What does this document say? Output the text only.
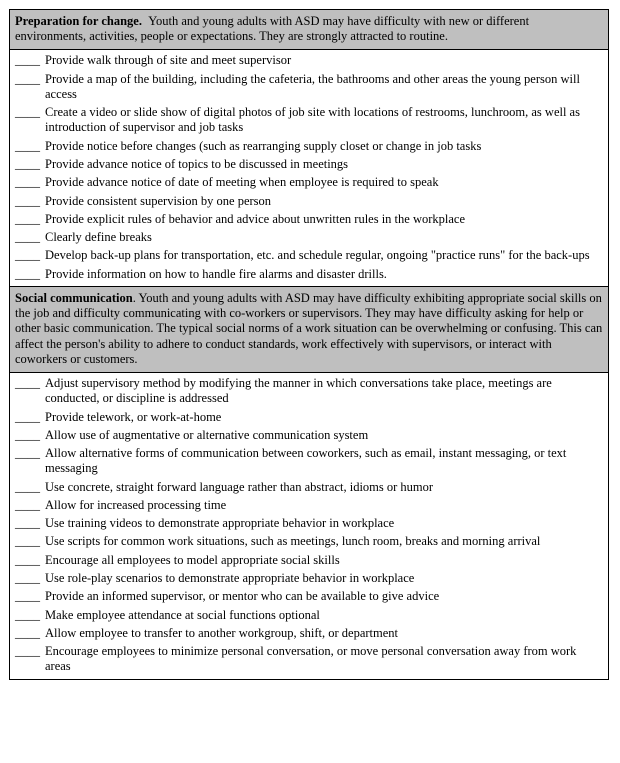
Preparation for change. Youth and young adults with ASD may have difficulty with new or different environments, activities, people or expectations. They are strongly attracted to routine.
____ Provide walk through of site and meet supervisor
____ Provide a map of the building, including the cafeteria, the bathrooms and other areas the young person will access
____ Create a video or slide show of digital photos of job site with locations of restrooms, lunchroom, as well as introduction of supervisor and job tasks
____ Provide notice before changes (such as rearranging supply closet or change in job tasks
____ Provide advance notice of topics to be discussed in meetings
____ Provide advance notice of date of meeting when employee is required to speak
____ Provide consistent supervision by one person
____ Provide explicit rules of behavior and advice about unwritten rules in the workplace
____ Clearly define breaks
____ Develop back-up plans for transportation, etc. and schedule regular, ongoing "practice runs" for the back-ups
____ Provide information on how to handle fire alarms and disaster drills.
Social communication. Youth and young adults with ASD may have difficulty exhibiting appropriate social skills on the job and difficulty communicating with co-workers or supervisors. They may have difficulty asking for help or other basic communication. The typical social norms of a work situation can be overwhelming or confusing. This can affect the person's ability to adhere to conduct standards, work effectively with supervisors, or interact with coworkers or customers.
____ Adjust supervisory method by modifying the manner in which conversations take place, meetings are conducted, or discipline is addressed
____ Provide telework, or work-at-home
____ Allow use of augmentative or alternative communication system
____ Allow alternative forms of communication between coworkers, such as email, instant messaging, or text messaging
____ Use concrete, straight forward language rather than abstract, idioms or humor
____ Allow for increased processing time
____ Use training videos to demonstrate appropriate behavior in workplace
____ Use scripts for common work situations, such as meetings, lunch room, breaks and morning arrival
____ Encourage all employees to model appropriate social skills
____ Use role-play scenarios to demonstrate appropriate behavior in workplace
____ Provide an informed supervisor, or mentor who can be available to give advice
____ Make employee attendance at social functions optional
____ Allow employee to transfer to another workgroup, shift, or department
____ Encourage employees to minimize personal conversation, or move personal conversation away from work areas
